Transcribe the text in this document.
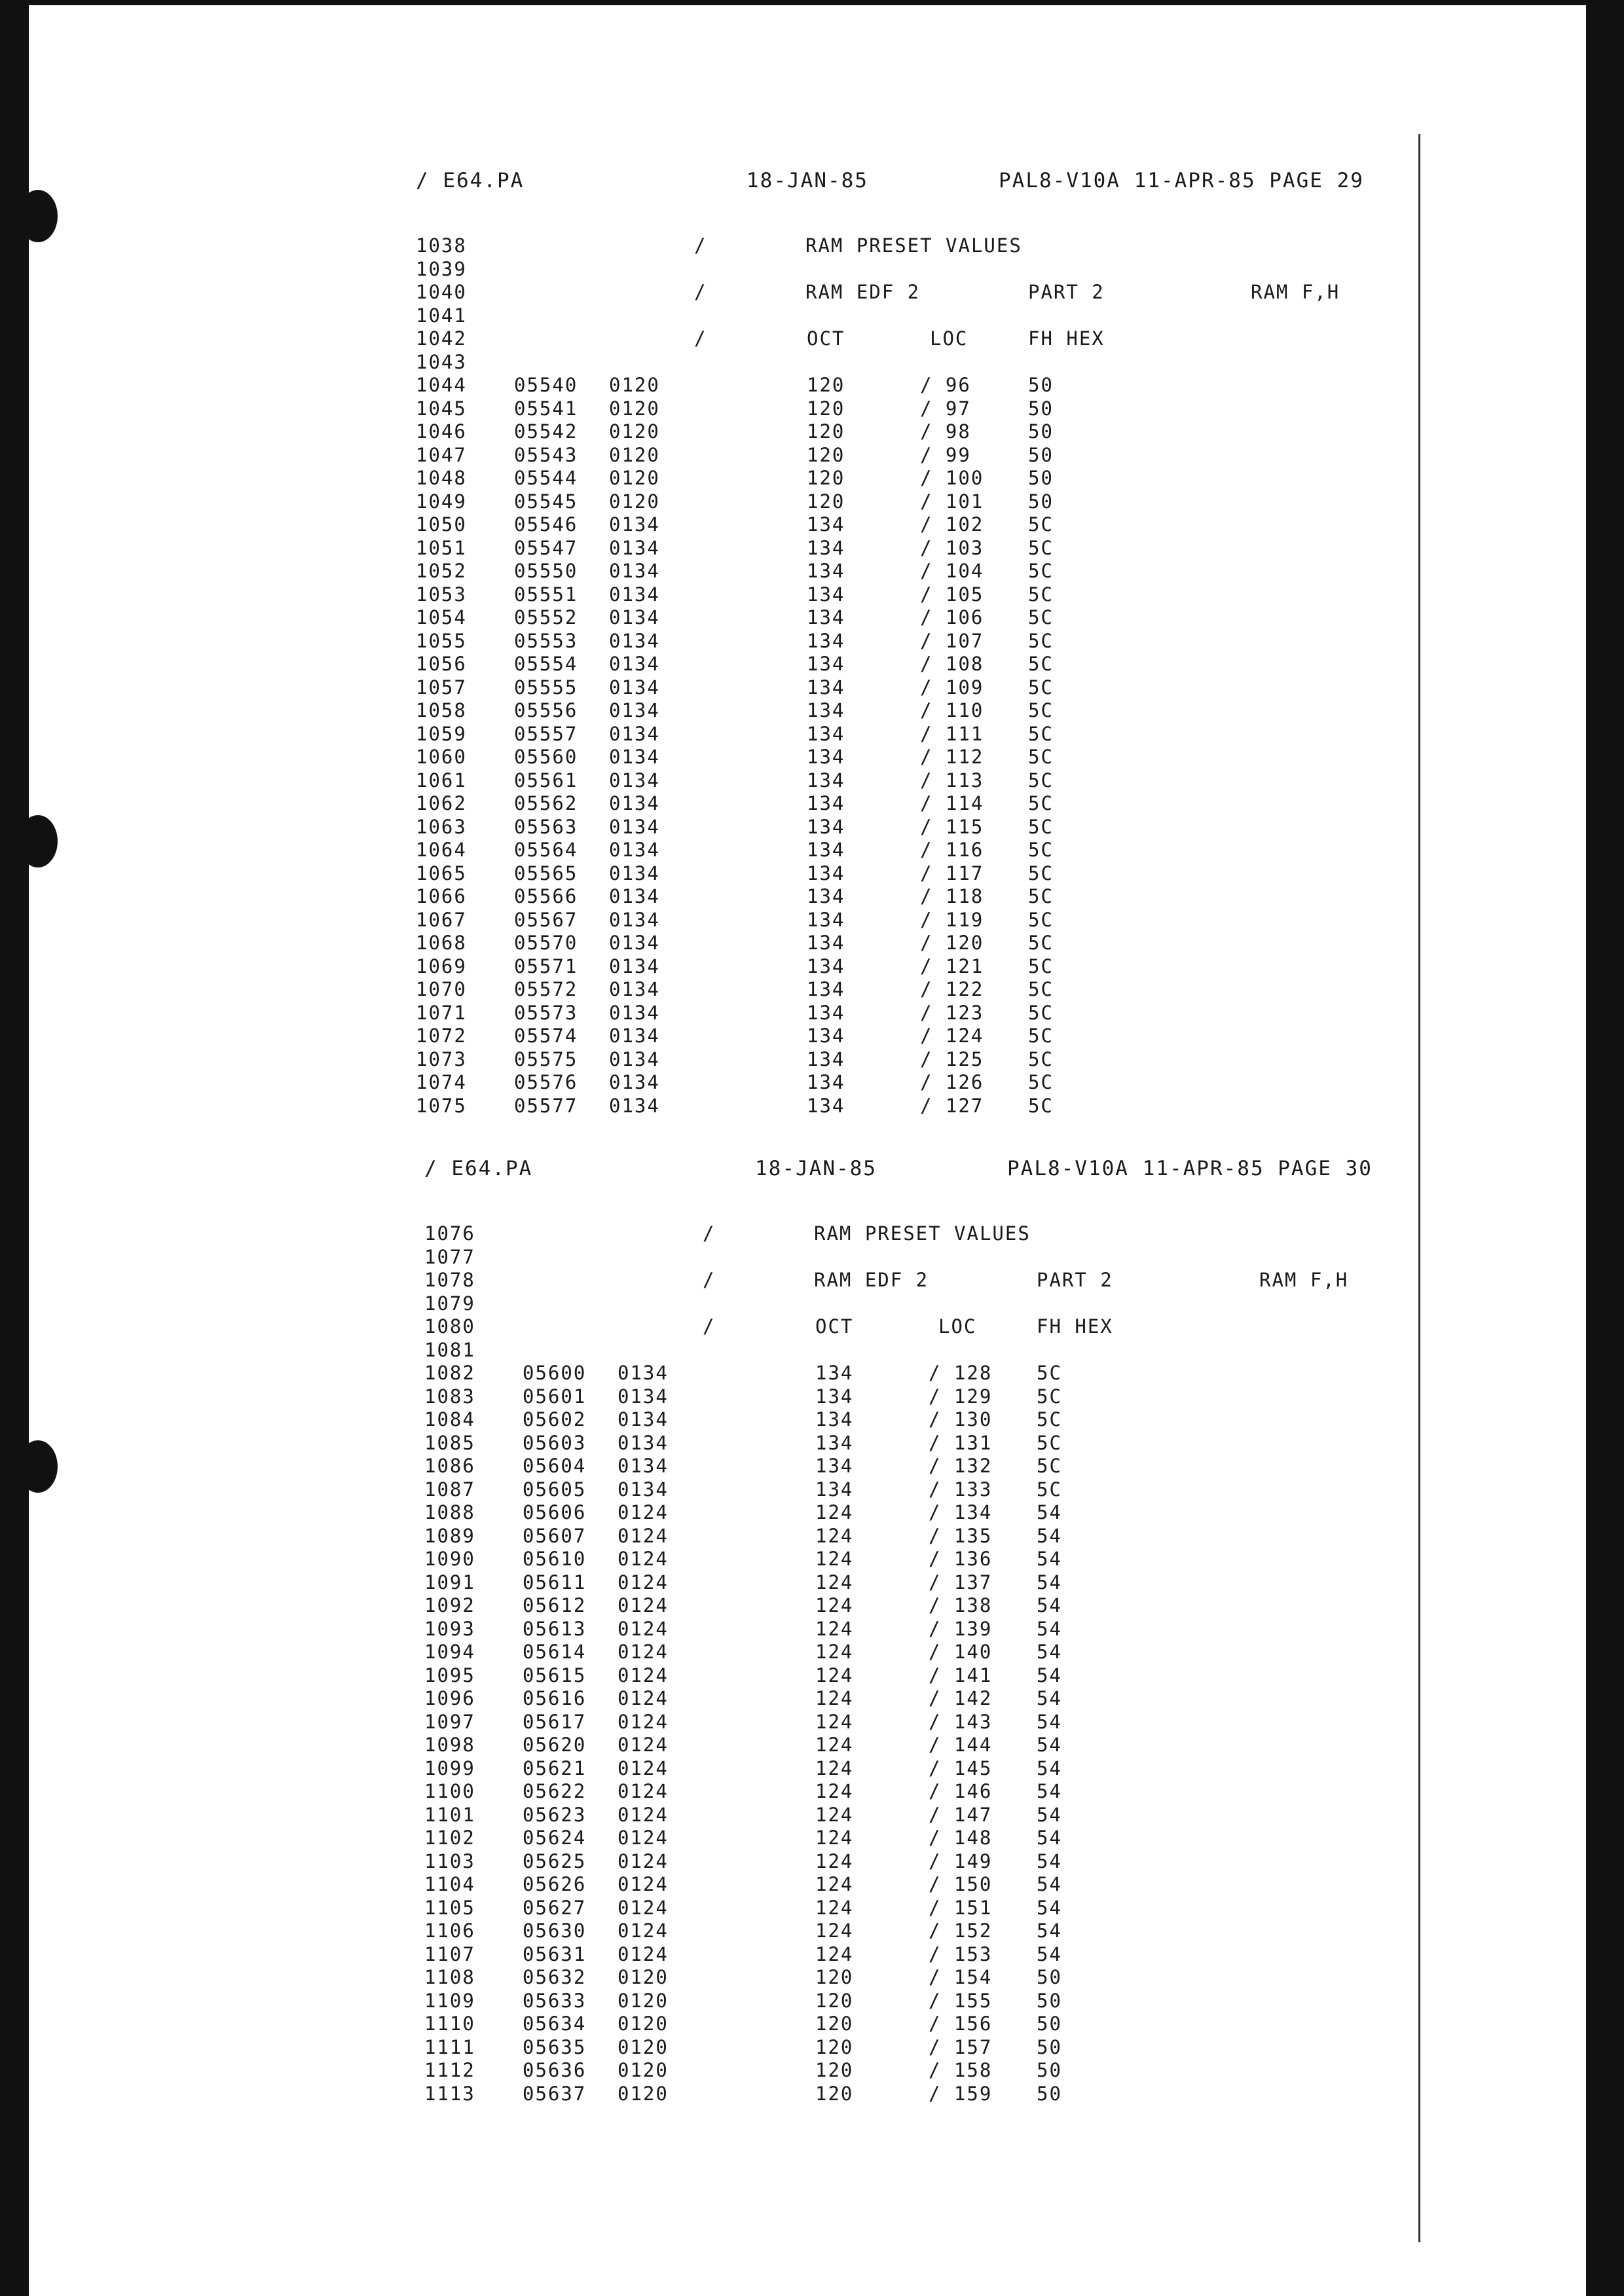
/ E64.PA	18-JAN-85	PAL8-V10A 11-APR-85 PAGE 29
1038	/	RAM PRESET VALUES
1039
1040	/	RAM EDF 2	PART 2	RAM F,H
1041
1042	/	OCT	LOC	FH HEX
1043
1044 05540 0120	120	/ 96	50
1045 05541 0120	120	/ 97	50
1046 05542 0120	120	/ 98	50
1047 05543 0120	120	/ 99	50
1048 05544 0120	120	/ 100 50
1049 05545 0120	120	/ 101 50
1050 05546 0134	134	/ 102 5C
1051 05547 0134	134	/ 103 5C
1052 05550 0134	134	/ 104 5C
1053 05551 0134	134	/ 105 5C
1054 05552 0134	134	/ 106 5C
1055 05553 0134	134	/ 107 5C
1056 05554 0134	134	/ 108 5C
1057 05555 0134	134	/ 109 5C
1058 05556 0134	134	/ 110 5C
1059 05557 0134	134	/ 111 5C
1060 05560 0134	134	/ 112 5C
1061 05561 0134	134	/ 113 5C
1062 05562 0134	134	/ 114 5C
1063 05563 0134	134	/ 115 5C
1064 05564 0134	134	/ 116 5C
1065 05565 0134	134	/ 117 5C
1066 05566 0134	134	/ 118 5C
1067 05567 0134	134	/ 119 5C
1068 05570 0134	134	/ 120 5C
1069 05571 0134	134	/ 121 5C
1070 05572 0134	134	/ 122 5C
1071 05573 0134	134	/ 123 5C
1072 05574 0134	134	/ 124 5C
1073 05575 0134	134	/ 125 5C
1074 05576 0134	134	/ 126 5C
1075 05577 0134	134	/ 127 5C
/ E64.PA	18-JAN-85	PAL8-V10A 11-APR-85 PAGE 30
1076	/	RAM PRESET VALUES
1077
1078	/	RAM EDF 2	PART 2	RAM F,H
1079
1080	/	OCT	LOC	FH HEX
1081
1082 05600 0134	134	/ 128 5C
1083 05601 0134	134	/ 129 5C
1084 05602 0134	134	/ 130 5C
1085 05603 0134	134	/ 131 5C
1086 05604 0134	134	/ 132 5C
1087 05605 0134	134	/ 133 5C
1088 05606 0124	124	/ 134 54
1089 05607 0124	124	/ 135 54
1090 05610 0124	124	/ 136 54
1091 05611 0124	124	/ 137 54
1092 05612 0124	124	/ 138 54
1093 05613 0124	124	/ 139 54
1094 05614 0124	124	/ 140 54
1095 05615 0124	124	/ 141 54
1096 05616 0124	124	/ 142 54
1097 05617 0124	124	/ 143 54
1098 05620 0124	124	/ 144 54
1099 05621 0124	124	/ 145 54
1100 05622 0124	124	/ 146 54
1101 05623 0124	124	/ 147 54
1102 05624 0124	124	/ 148 54
1103 05625 0124	124	/ 149 54
1104 05626 0124	124	/ 150 54
1105 05627 0124	124	/ 151 54
1106 05630 0124	124	/ 152 54
1107 05631 0124	124	/ 153 54
1108 05632 0120	120	/ 154 50
1109 05633 0120	120	/ 155 50
1110 05634 0120	120	/ 156 50
1111 05635 0120	120	/ 157 50
1112 05636 0120	120	/ 158 50
1113 05637 0120	120	/ 159 50
